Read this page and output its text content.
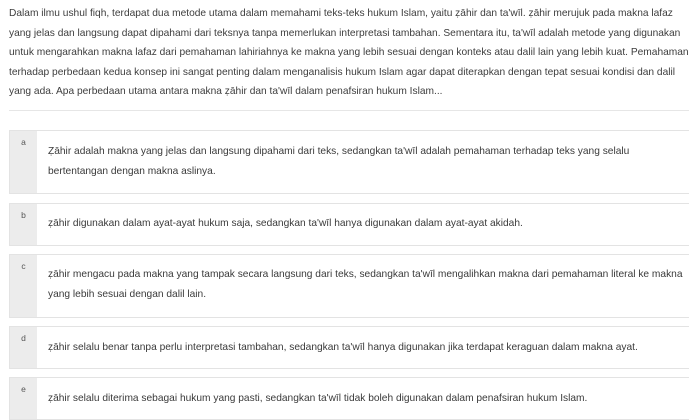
Dalam ilmu ushul fiqh, terdapat dua metode utama dalam memahami teks-teks hukum Islam, yaitu ẓāhir dan ta'wīl. ẓāhir merujuk pada makna lafaz
yang jelas dan langsung dapat dipahami dari teksnya tanpa memerlukan interpretasi tambahan. Sementara itu, ta'wīl adalah metode yang digunakan
untuk mengarahkan makna lafaz dari pemahaman lahiriahnya ke makna yang lebih sesuai dengan konteks atau dalil lain yang lebih kuat. Pemahaman
terhadap perbedaan kedua konsep ini sangat penting dalam menganalisis hukum Islam agar dapat diterapkan dengan tepat sesuai kondisi dan dalil
yang ada. Apa perbedaan utama antara makna ẓāhir dan ta'wīl dalam penafsiran hukum Islam...
a
Ẓāhir adalah makna yang jelas dan langsung dipahami dari teks, sedangkan ta'wīl adalah pemahaman terhadap teks yang selalu
bertentangan dengan makna aslinya.
b
ẓāhir digunakan dalam ayat-ayat hukum saja, sedangkan ta'wīl hanya digunakan dalam ayat-ayat akidah.
c
ẓāhir mengacu pada makna yang tampak secara langsung dari teks, sedangkan ta'wīl mengalihkan makna dari pemahaman literal ke makna
yang lebih sesuai dengan dalil lain.
d
ẓāhir selalu benar tanpa perlu interpretasi tambahan, sedangkan ta'wīl hanya digunakan jika terdapat keraguan dalam makna ayat.
e
ẓāhir selalu diterima sebagai hukum yang pasti, sedangkan ta'wīl tidak boleh digunakan dalam penafsiran hukum Islam.
